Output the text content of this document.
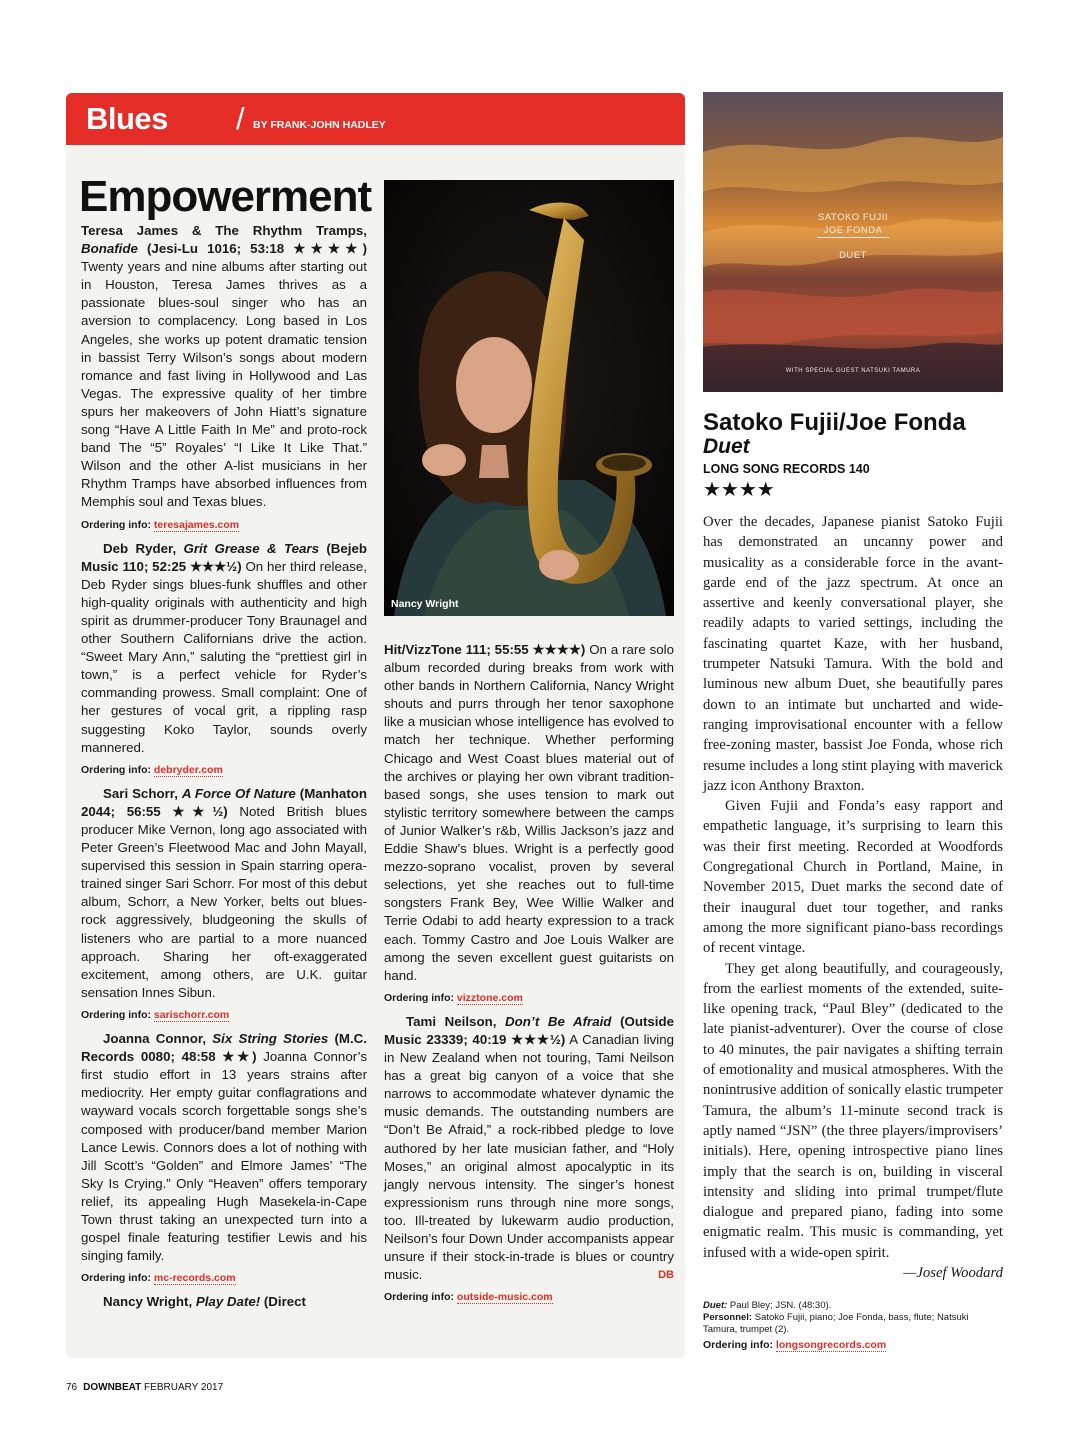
Blues / BY FRANK-JOHN HADLEY
Empowerment

Teresa James & The Rhythm Tramps, Bonafide (Jesi-Lu 1016; 53:18 ★★★★) Twenty years and nine albums after starting out in Houston, Teresa James thrives as a passionate blues-soul singer who has an aversion to complacency. Long based in Los Angeles, she works up potent dramatic tension in bassist Terry Wilson’s songs about modern romance and fast living in Hollywood and Las Vegas. The expressive quality of her timbre spurs her makeovers of John Hiatt’s signature song “Have A Little Faith In Me” and proto-rock band The “5” Royales’ “I Like It Like That.” Wilson and the other A-list musicians in her Rhythm Tramps have absorbed influences from Memphis soul and Texas blues.

Ordering info: teresajames.com

Deb Ryder, Grit Grease & Tears (Bejeb Music 110; 52:25 ★★★½) On her third release, Deb Ryder sings blues-funk shuffles and other high-quality originals with authenticity and high spirit as drummer-producer Tony Braunagel and other Southern Californians drive the action. “Sweet Mary Ann,” saluting the “prettiest girl in town,” is a perfect vehicle for Ryder’s commanding prowess. Small complaint: One of her gestures of vocal grit, a rippling rasp suggesting Koko Taylor, sounds overly mannered.

Ordering info: debryder.com

Sari Schorr, A Force Of Nature (Manhaton 2044; 56:55 ★★½) Noted British blues producer Mike Vernon, long ago associated with Peter Green’s Fleetwood Mac and John Mayall, supervised this session in Spain starring opera-trained singer Sari Schorr. For most of this debut album, Schorr, a New Yorker, belts out blues-rock aggressively, bludgeoning the skulls of listeners who are partial to a more nuanced approach. Sharing her oft-exaggerated excitement, among others, are U.K. guitar sensation Innes Sibun.

Ordering info: sarischorr.com

Joanna Connor, Six String Stories (M.C. Records 0080; 48:58 ★★) Joanna Connor’s first studio effort in 13 years strains after mediocrity. Her empty guitar conflagrations and wayward vocals scorch forgettable songs she’s composed with producer/band member Marion Lance Lewis. Connors does a lot of nothing with Jill Scott’s “Golden” and Elmore James’ “The Sky Is Crying.” Only “Heaven” offers temporary relief, its appealing Hugh Masekela-in-Cape Town thrust taking an unexpected turn into a gospel finale featuring testifier Lewis and his singing family.

Ordering info: mc-records.com

Nancy Wright, Play Date! (Direct

Nancy Wright

Hit/VizzTone 111; 55:55 ★★★★) On a rare solo album recorded during breaks from work with other bands in Northern California, Nancy Wright shouts and purrs through her tenor saxophone like a musician whose intelligence has evolved to match her technique. Whether performing Chicago and West Coast blues material out of the archives or playing her own vibrant tradition-based songs, she uses tension to mark out stylistic territory somewhere between the camps of Junior Walker’s r&b, Willis Jackson’s jazz and Eddie Shaw’s blues. Wright is a perfectly good mezzo-soprano vocalist, proven by several selections, yet she reaches out to full-time songsters Frank Bey, Wee Willie Walker and Terrie Odabi to add hearty expression to a track each. Tommy Castro and Joe Louis Walker are among the seven excellent guest guitarists on hand.

Ordering info: vizztone.com

Tami Neilson, Don’t Be Afraid (Outside Music 23339; 40:19 ★★★½) A Canadian living in New Zealand when not touring, Tami Neilson has a great big canyon of a voice that she narrows to accommodate whatever dynamic the music demands. The outstanding numbers are “Don’t Be Afraid,” a rock-ribbed pledge to love authored by her late musician father, and “Holy Moses,” an original almost apocalyptic in its jangly nervous intensity. The singer’s honest expressionism runs through nine more songs, too. Ill-treated by lukewarm audio production, Neilson’s four Down Under accompanists appear unsure if their stock-in-trade is blues or country music.	DB

Ordering info: outside-music.com

SATOKO FUJII
JOE FONDA
DUET
WITH SPECIAL GUEST NATSUKI TAMURA
Satoko Fujii/Joe Fonda
Duet
LONG SONG RECORDS 140
★★★★

Over the decades, Japanese pianist Satoko Fujii has demonstrated an uncanny power and musicality as a considerable force in the avant-garde end of the jazz spectrum. At once an assertive and keenly conversational player, she readily adapts to varied settings, including the fascinating quartet Kaze, with her husband, trumpeter Natsuki Tamura. With the bold and luminous new album Duet, she beautifully pares down to an intimate but uncharted and wide-ranging improvisational encounter with a fellow free-zoning master, bassist Joe Fonda, whose rich resume includes a long stint playing with maverick jazz icon Anthony Braxton.

Given Fujii and Fonda’s easy rapport and empathetic language, it’s surprising to learn this was their first meeting. Recorded at Woodfords Congregational Church in Portland, Maine, in November 2015, Duet marks the second date of their inaugural duet tour together, and ranks among the more significant piano-bass recordings of recent vintage.

They get along beautifully, and courageously, from the earliest moments of the extended, suite-like opening track, “Paul Bley” (dedicated to the late pianist-adventurer). Over the course of close to 40 minutes, the pair navigates a shifting terrain of emotionality and musical atmospheres. With the nonintrusive addition of sonically elastic trumpeter Tamura, the album’s 11-minute second track is aptly named “JSN” (the three players/improvisers’ initials). Here, opening introspective piano lines imply that the search is on, building in visceral intensity and sliding into primal trumpet/flute dialogue and prepared piano, fading into some enigmatic realm. This music is commanding, yet infused with a wide-open spirit.

—Josef Woodard

Duet: Paul Bley; JSN. (48:30).

Personnel: Satoko Fujii, piano; Joe Fonda, bass, flute; Natsuki Tamura, trumpet (2).

Ordering info: longsongrecords.com

76 DOWNBEAT FEBRUARY 2017
